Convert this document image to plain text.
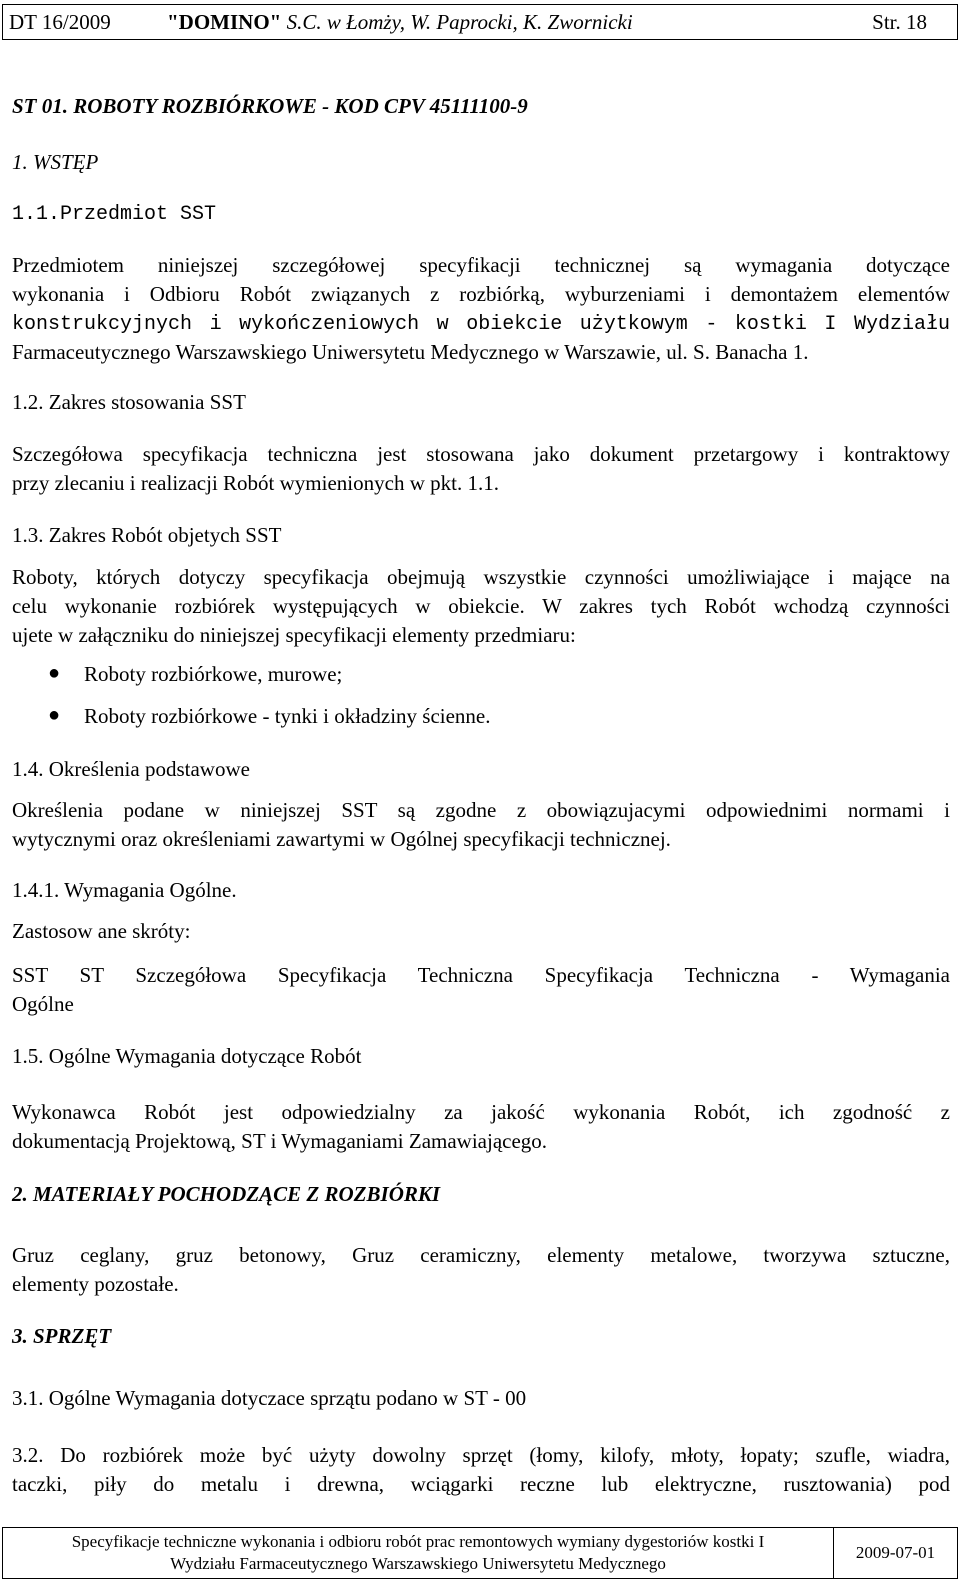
DT 16/2009	"DOMINO" S.C. w Łomży, W. Paprocki, K. Zwornicki	Str. 18
ST 01. ROBOTY ROZBIÓRKOWE - KOD CPV 45111100-9
1. WSTĘP
1.1.Przedmiot SST
Przedmiotem niniejszej szczegółowej specyfikacji technicznej są wymagania dotyczące
wykonania i Odbioru Robót związanych z rozbiórką, wyburzeniami i demontażem elementów
konstrukcyjnych i wykończeniowych w obiekcie użytkowym - kostki I Wydziału
Farmaceutycznego Warszawskiego Uniwersytetu Medycznego w Warszawie, ul. S. Banacha 1.
1.2. Zakres stosowania SST
Szczegółowa specyfikacja techniczna jest stosowana jako dokument przetargowy i kontraktowy
przy zlecaniu i realizacji Robót wymienionych w pkt. 1.1.
1.3. Zakres Robót objetych SST
Roboty, których dotyczy specyfikacja obejmują wszystkie czynności umożliwiające i mające na
celu wykonanie rozbiórek występujących w obiekcie. W zakres tych Robót wchodzą czynności
ujete w załączniku do niniejszej specyfikacji elementy przedmiaru:
● Roboty rozbiórkowe, murowe;
● Roboty rozbiórkowe - tynki i okładziny ścienne.
1.4. Określenia podstawowe
Określenia podane w niniejszej SST są zgodne z obowiązujacymi odpowiednimi normami i
wytycznymi oraz określeniami zawartymi w Ogólnej specyfikacji technicznej.
1.4.1. Wymagania Ogólne.
Zastosow ane skróty:
SST ST Szczegółowa Specyfikacja Techniczna Specyfikacja Techniczna - Wymagania
Ogólne
1.5. Ogólne Wymagania dotyczące Robót
Wykonawca Robót jest odpowiedzialny za jakość wykonania Robót, ich zgodność z
dokumentacją Projektową, ST i Wymaganiami Zamawiającego.
2. MATERIAŁY POCHODZĄCE Z ROZBIÓRKI
Gruz ceglany, gruz betonowy, Gruz ceramiczny, elementy metalowe, tworzywa sztuczne,
elementy pozostałe.
3. SPRZĘT
3.1. Ogólne Wymagania dotyczace sprzątu podano w ST - 00
3.2. Do rozbiórek może być użyty dowolny sprzęt (łomy, kilofy, młoty, łopaty; szufle, wiadra,
taczki, piły do metalu i drewna, wciągarki reczne lub elektryczne, rusztowania) pod
Specyfikacje techniczne wykonania i odbioru robót prac remontowych wymiany dygestoriów kostki I
Wydziału Farmaceutycznego Warszawskiego Uniwersytetu Medycznego
2009-07-01
